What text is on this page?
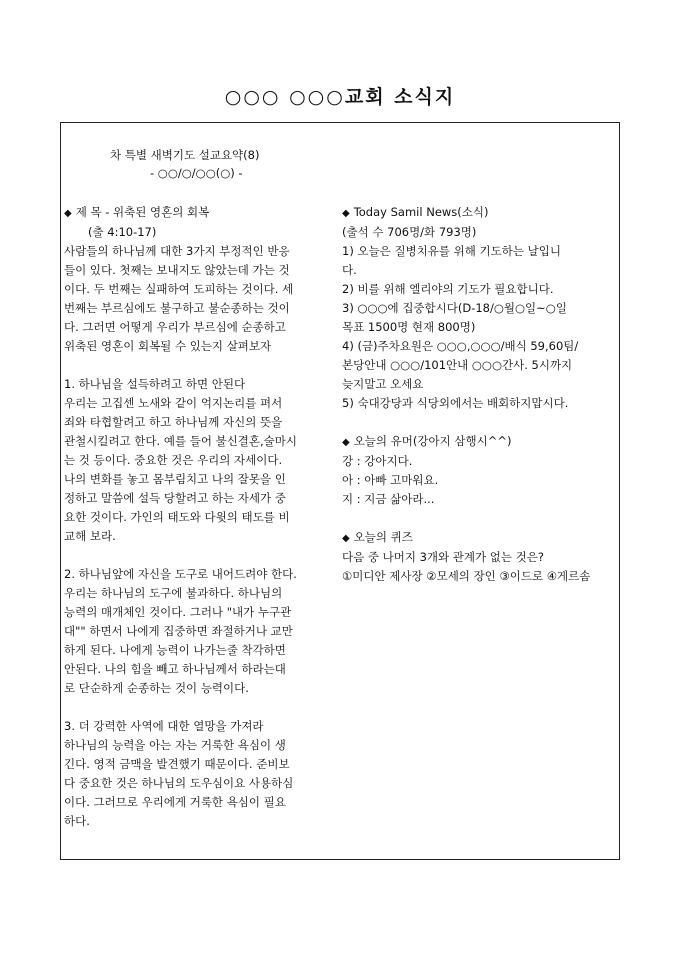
○○○ ○○○교회 소식지
차 특별 새벽기도 설교요약(8)
- ○○/○/○○(○) -
◆ 제 목 - 위축된 영혼의 회복
(출 4:10-17)
사람들의 하나님께 대한 3가지 부정적인 반응
들이 있다. 첫째는 보내지도 않았는데 가는 것
이다. 두 번째는 실패하여 도피하는 것이다. 세
번째는 부르심에도 불구하고 불순종하는 것이
다. 그러면 어떻게 우리가 부르심에 순종하고
위축된 영혼이 회복될 수 있는지 살펴보자
1. 하나님을 설득하려고 하면 안된다
우리는 고집센 노새와 같이 억지논리를 펴서
죄와 타협할려고 하고 하나님께 자신의 뜻을
관철시킬려고 한다. 예를 들어 불신결혼,술마시
는 것 등이다. 중요한 것은 우리의 자세이다.
나의 변화를 놓고 몸부림치고 나의 잘못을 인
정하고 말씀에 설득 당할려고 하는 자세가 중
요한 것이다. 가인의 태도와 다윗의 태도를 비
교해 보라.
2. 하나님앞에 자신을 도구로 내어드려야 한다.
우리는 하나님의 도구에 불과하다. 하나님의
능력의 매개체인 것이다. 그러나 "내가 누구관
대"" 하면서 나에게 집중하면 좌절하거나 교만
하게 된다. 나에게 능력이 나가는줄 착각하면
안된다. 나의 힘을 빼고 하나님께서 하라는대
로 단순하게 순종하는 것이 능력이다.
3. 더 강력한 사역에 대한 열망을 가져라
하나님의 능력을 아는 자는 거룩한 욕심이 생
긴다. 영적 금맥을 발견했기 때문이다. 준비보
다 중요한 것은 하나님의 도우심이요 사용하심
이다. 그러므로 우리에게 거룩한 욕심이 필요
하다.
◆ Today Samil News(소식)
(출석 수 706명/화 793명)
1) 오늘은 질병치유를 위해 기도하는 날입니
다.
2) 비를 위해 엘리야의 기도가 필요합니다.
3) ○○○에 집중합시다(D-18/○월○일~○일
목표 1500명 현재 800명)
4) (금)주차요원은 ○○○,○○○/배식 59,60팀/
본당안내 ○○○/101안내 ○○○간사. 5시까지
늦지말고 오세요
5) 숙대강당과 식당외에서는 배회하지맙시다.
◆ 오늘의 유머(강아지 삼행시^^)
강 : 강아지다.
아 : 아빠 고마워요.
지 : 지금 삶아라...
◆ 오늘의 퀴즈
다음 중 나머지 3개와 관계가 없는 것은?
①미디안 제사장 ②모세의 장인 ③이드로 ④게르솜
